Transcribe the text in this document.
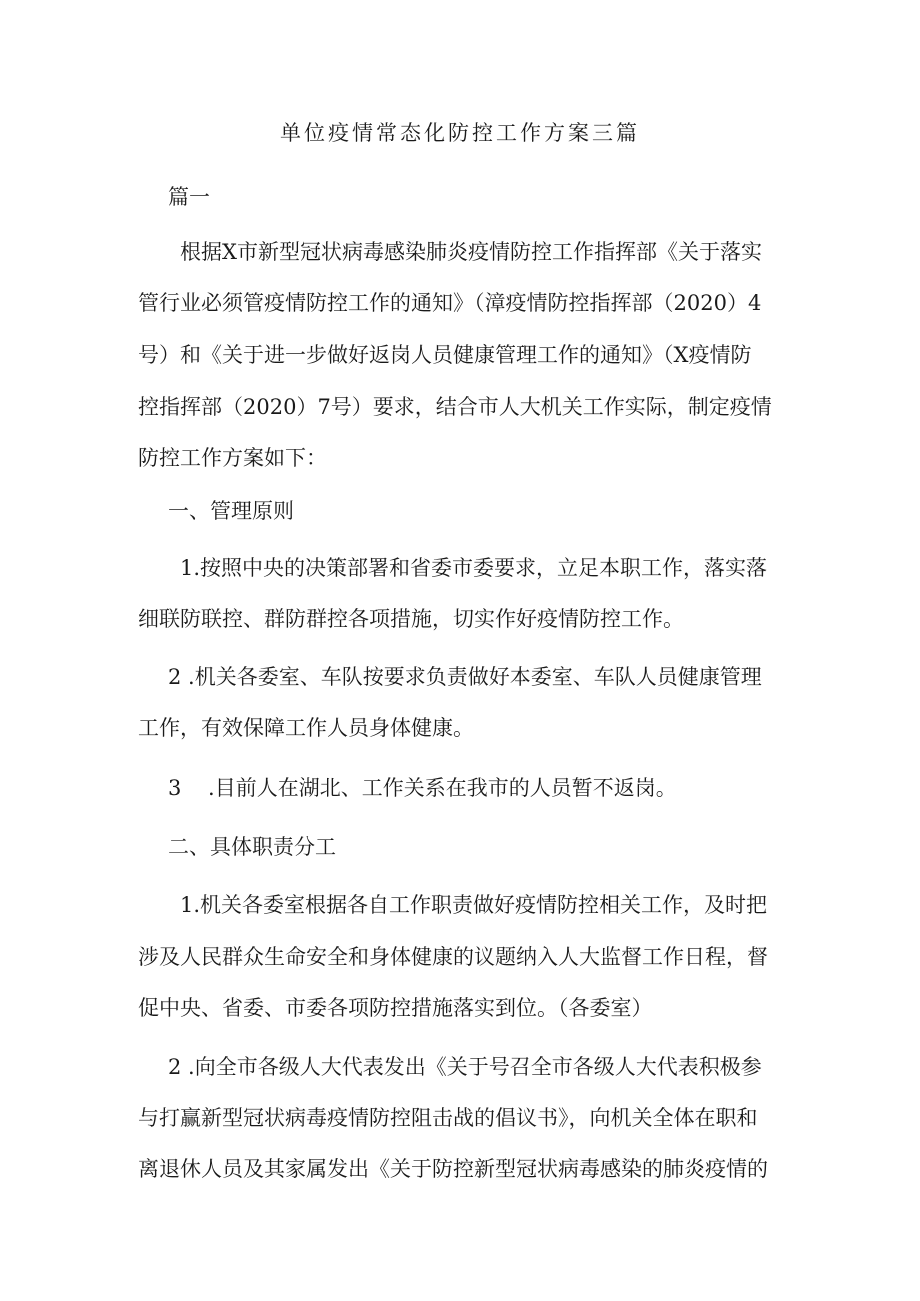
单位疫情常态化防控工作方案三篇
篇一
根据X市新型冠状病毒感染肺炎疫情防控工作指挥部《关于落实
管行业必须管疫情防控工作的通知》（漳疫情防控指挥部（2020）4
号）和《关于进一步做好返岗人员健康管理工作的通知》（X疫情防
控指挥部（2020）7号）要求，结合市人大机关工作实际，制定疫情
防控工作方案如下：
一、管理原则
1.按照中央的决策部署和省委市委要求，立足本职工作，落实落
细联防联控、群防群控各项措施，切实作好疫情防控工作。
2 .机关各委室、车队按要求负责做好本委室、车队人员健康管理
工作，有效保障工作人员身体健康。
3    .目前人在湖北、工作关系在我市的人员暂不返岗。
二、具体职责分工
1.机关各委室根据各自工作职责做好疫情防控相关工作，及时把
涉及人民群众生命安全和身体健康的议题纳入人大监督工作日程，督
促中央、省委、市委各项防控措施落实到位。（各委室）
2 .向全市各级人大代表发出《关于号召全市各级人大代表积极参
与打赢新型冠状病毒疫情防控阻击战的倡议书》，向机关全体在职和
离退休人员及其家属发出《关于防控新型冠状病毒感染的肺炎疫情的
